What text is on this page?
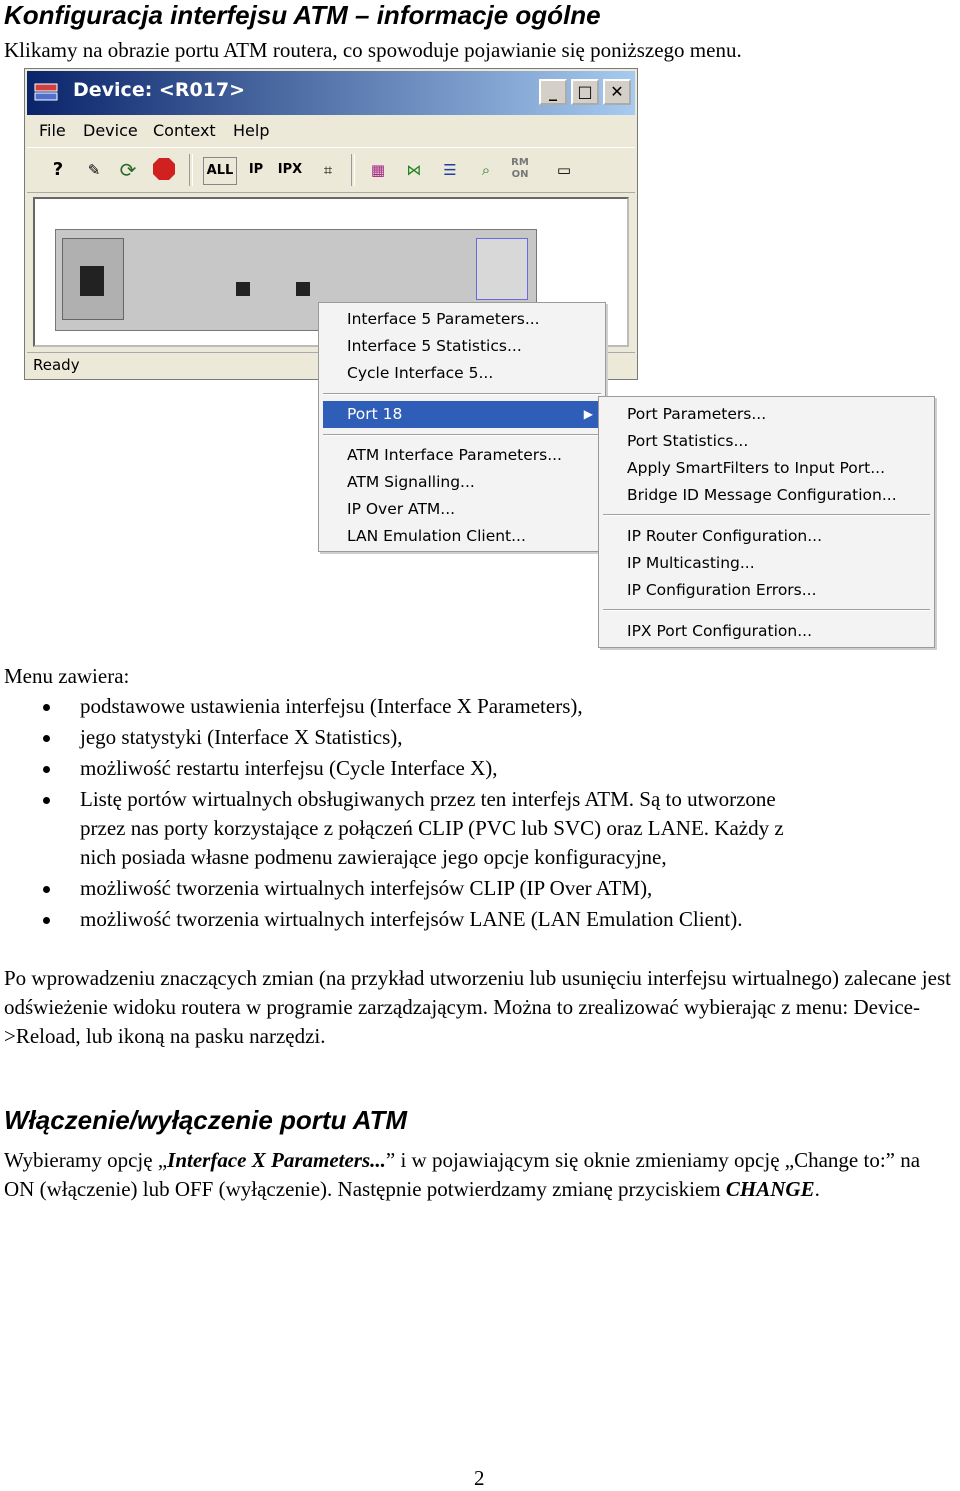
Konfiguracja interfejsu ATM – informacje ogólne

Klikamy na obrazie portu ATM routera, co spowoduje pojawianie się poniższego menu.

Device: <R017>	_	□	✕
File Device Context Help
?	✎ ⟳	ALL	IP	IPX	⌗	▦	⋈	☰	⌕	RM ON	▭
Ready
Interface 5 Parameters...
Interface 5 Statistics...
Cycle Interface 5...
Port 18	▶
ATM Interface Parameters...
ATM Signalling...
IP Over ATM...
LAN Emulation Client...
Port Parameters...
Port Statistics...
Apply SmartFilters to Input Port...
Bridge ID Message Configuration...
IP Router Configuration...
IP Multicasting...
IP Configuration Errors...
IPX Port Configuration...

Menu zawiera:

podstawowe ustawienia interfejsu (Interface X Parameters),
jego statystyki (Interface X Statistics),
możliwość restartu interfejsu (Cycle Interface X),
Listę portów wirtualnych obsługiwanych przez ten interfejs ATM. Są to utworzone
przez nas porty korzystające z połączeń CLIP (PVC lub SVC) oraz LANE. Każdy z
nich posiada własne podmenu zawierające jego opcje konfiguracyjne,
możliwość tworzenia wirtualnych interfejsów CLIP (IP Over ATM),
możliwość tworzenia wirtualnych interfejsów LANE (LAN Emulation Client).

Po wprowadzeniu znaczących zmian (na przykład utworzeniu lub usunięciu interfejsu wirtualnego) zalecane jest odświeżenie widoku routera w programie zarządzającym. Można to zrealizować wybierając z menu: Device->Reload, lub ikoną na pasku narzędzi.

Włączenie/wyłączenie portu ATM

Wybieramy opcję „Interface X Parameters...” i w pojawiającym się oknie zmieniamy opcję „Change to:” na ON (włączenie) lub OFF (wyłączenie). Następnie potwierdzamy zmianę przyciskiem CHANGE.

2
